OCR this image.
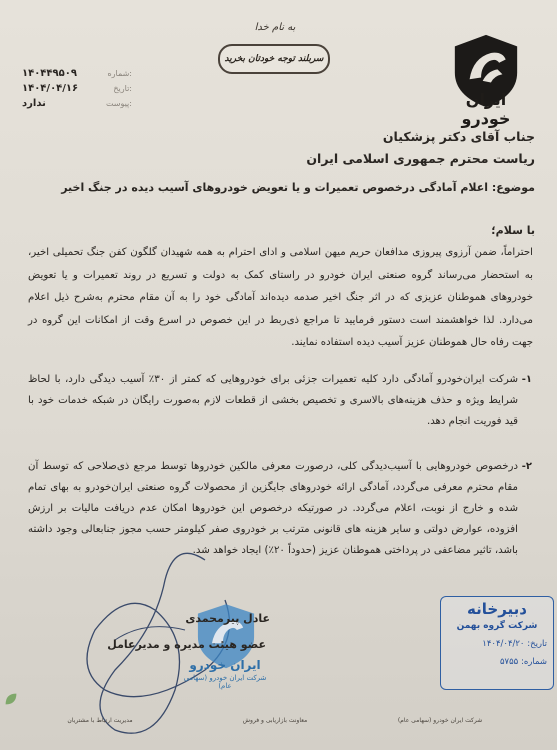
به نام خدا
سربلند توجه خودتان بخرید
۱۴۰۴۴۹۵۰۹	شماره:
۱۴۰۴/۰۴/۱۶	تاریخ:
ندارد	پیوست:	ایران خودرو
جناب آقای دکتر پزشکیان
ریاست محترم جمهوری اسلامی ایران
موضوع: اعلام آمادگی درخصوص تعمیرات و یا تعویض خودروهای آسیب دیده در جنگ اخیر
با سلام؛
احتراماً، ضمن آرزوی پیروزی مدافعان حریم میهن اسلامی و ادای احترام به همه شهیدان گلگون کفن جنگ تحمیلی اخیر، به استحضار می‌رساند گروه صنعتی ایران خودرو در راستای کمک به دولت و تسریع در روند تعمیرات و یا تعویض خودروهای هموطنان عزیزی که در اثر جنگ اخیر صدمه دیده‌اند آمادگی خود را به آن مقام محترم به‌شرح ذیل اعلام می‌دارد. لذا خواهشمند است دستور فرمایید تا مراجع ذی‌ربط در این خصوص در اسرع وقت از امکانات این گروه در جهت رفاه حال هموطنان عزیز آسیب دیده استفاده نمایند.
۱-
شرکت ایران‌خودرو آمادگی دارد کلیه تعمیرات جزئی برای خودروهایی که کمتر از ۳۰٪ آسیب دیدگی دارد، با لحاظ شرایط ویژه و حذف هزینه‌های بالاسری و تخصیص بخشی از قطعات لازم به‌صورت رایگان در شبکه خدمات خود با قید فوریت انجام دهد.
۲-
درخصوص خودروهایی با آسیب‌دیدگی کلی، درصورت معرفی مالکین خودروها توسط مرجع ذی‌صلاحی که توسط آن مقام محترم معرفی می‌گردد، آمادگی ارائه خودروهای جایگزین از محصولات گروه صنعتی ایران‌خودرو به بهای تمام شده و خارج از نوبت، اعلام می‌گردد. در صورتیکه درخصوص این خودروها امکان عدم دریافت مالیات بر ارزش افزوده، عوارض دولتی و سایر هزینه های قانونی مترتب بر خودروی صفر کیلومتر حسب مجوز جنابعالی وجود داشته باشد، تاثیر مضاعفی در پرداختی هموطنان عزیز (حدوداً ۲۰٪) ایجاد خواهد شد.
ایران خودرو
شرکت ایران خودرو (سهامی عام)
عادل پیرمحمدی
عضو هیئت مدیره و مدیرعامل
دبیرخانه
شرکت گروه بهمن
تاریخ: ۱۴۰۴/۰۴/۲۰
شماره: ۵۷۵۵
شرکت ایران خودرو (سهامی عام)
معاونت بازاریابی و فروش
مدیریت ارتباط با مشتریان
